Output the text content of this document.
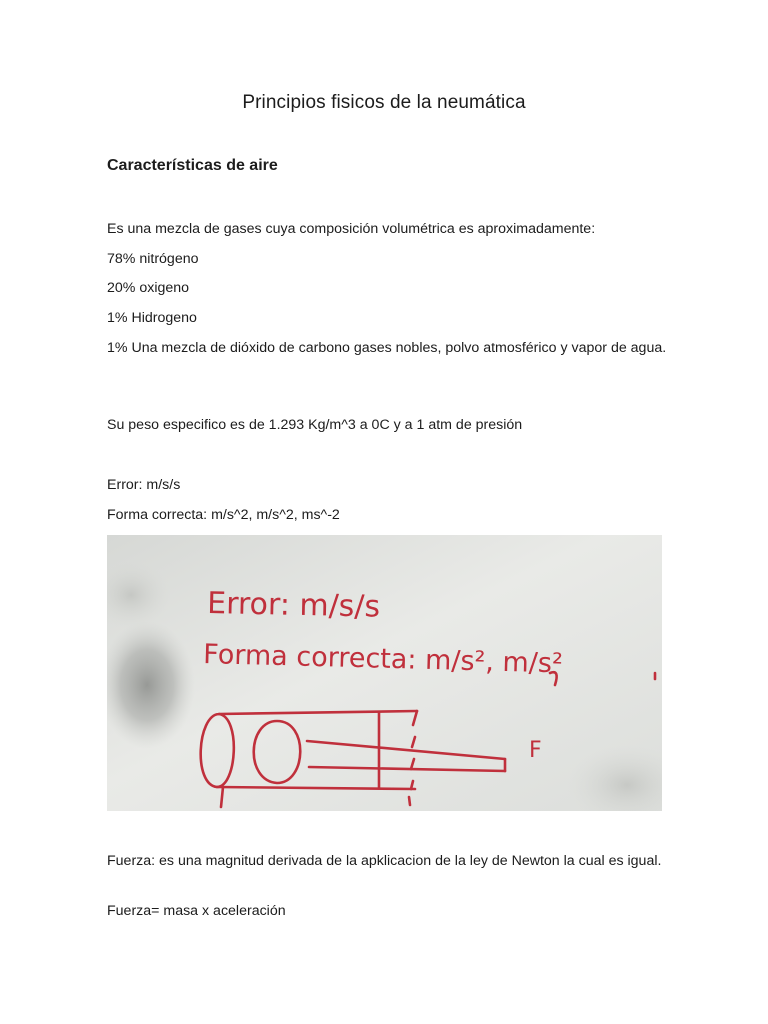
Principios fisicos de la neumática
Características de aire

Es una mezcla de gases cuya composición volumétrica es aproximadamente:

78% nitrógeno

20% oxigeno

1% Hidrogeno

1% Una mezcla de dióxido de carbono gases nobles, polvo atmosférico y vapor de agua.

Su peso especifico es de 1.293 Kg/m^3 a 0C y a 1 atm de presión

Error: m/s/s

Forma correcta: m/s^2, m/s^2, ms^-2

Error: m/s/s
Forma correcta: m/s², m/s²
F

Fuerza: es una magnitud derivada de la apklicacion de la ley de Newton la cual es igual.

Fuerza= masa x aceleración
